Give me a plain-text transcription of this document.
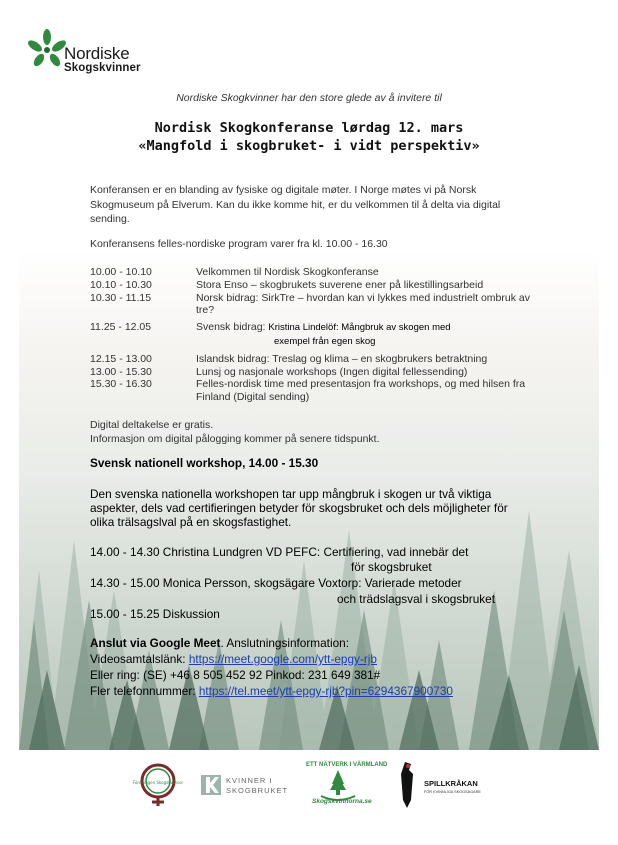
Nordiske
Skogskvinner
Nordiske Skogkvinner har den store glede av å invitere til
Nordisk Skogkonferanse lørdag 12. mars
«Mangfold i skogbruket- i vidt perspektiv»
Konferansen er en blanding av fysiske og digitale møter. I Norge møtes vi på Norsk Skogmuseum på Elverum. Kan du ikke komme hit, er du velkommen til å delta via digital sending.
Konferansens felles-nordiske program varer fra kl. 10.00 - 16.30
10.00 - 10.10	Velkommen til Nordisk Skogkonferanse
10.10 - 10.30	Stora Enso – skogbrukets suverene ener på likestillingsarbeid
10.30 - 11.15	Norsk bidrag: SirkTre – hvordan kan vi lykkes med industrielt ombruk av tre?
11.25 - 12.05	Svensk bidrag: Kristina Lindelöf: Mångbruk av skogen med
exempel från egen skog
12.15 - 13.00	Islandsk bidrag: Treslag og klima – en skogbrukers betraktning
13.00 - 15.30	Lunsj og nasjonale workshops (Ingen digital fellessending)
15.30 - 16.30	Felles-nordisk time med presentasjon fra workshops, og med hilsen fra Finland (Digital sending)
Digital deltakelse er gratis.
Informasjon om digital pålogging kommer på senere tidspunkt.
Svensk nationell workshop, 14.00 - 15.30
Den svenska nationella workshopen tar upp mångbruk i skogen ur två viktiga aspekter, dels vad certifieringen betyder för skogsbruket och dels möjligheter för olika trälsagslval på en skogsfastighet.
14.00 - 14.30 Christina Lundgren VD PEFC: Certifiering, vad innebär det
för skogsbruket
14.30 - 15.00 Monica Persson, skogsägare Voxtorp: Varierade metoder
och trädslagsval i skogsbruket
15.00 - 15.25 Diskussion
Anslut via Google Meet. Anslutningsinformation:
Videosamtalslänk: https://meet.google.com/ytt-epgy-rjb
Eller ring: (SE) +46 8 505 452 92 Pinkod: 231 649 381#
Fler telefonnummer: https://tel.meet/ytt-epgy-rjb?pin=6294367900730
Föreningen Skogskvinnor	KVINNER I
SKOGBRUKET
ETT NÄTVERK I VÄRMLAND
Skogskvinnorna.se
SPILLKRÅKAN
FÖR KVINNLIGA SKOGSÄGARE
